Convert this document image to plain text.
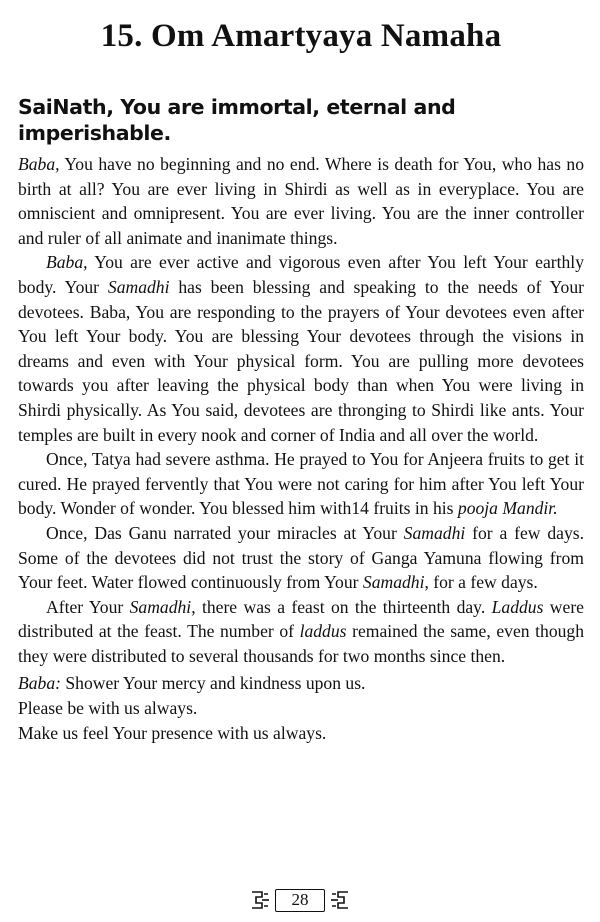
15. Om Amartyaya Namaha
SaiNath, You are immortal, eternal and imperishable.

Baba, You have no beginning and no end. Where is death for You, who has no birth at all? You are ever living in Shirdi as well as in everyplace. You are omniscient and omnipresent. You are ever living. You are the inner controller and ruler of all animate and inanimate things.

Baba, You are ever active and vigorous even after You left Your earthly body. Your Samadhi has been blessing and speaking to the needs of Your devotees. Baba, You are responding to the prayers of Your devotees even after You left Your body. You are blessing Your devotees through the visions in dreams and even with Your physical form. You are pulling more devotees towards you after leaving the physical body than when You were living in Shirdi physically. As You said, devotees are thronging to Shirdi like ants. Your temples are built in every nook and corner of India and all over the world.

Once, Tatya had severe asthma. He prayed to You for Anjeera fruits to get it cured. He prayed fervently that You were not caring for him after You left Your body. Wonder of wonder. You blessed him with14 fruits in his pooja Mandir.

Once, Das Ganu narrated your miracles at Your Samadhi for a few days. Some of the devotees did not trust the story of Ganga Yamuna flowing from Your feet. Water flowed continuously from Your Samadhi, for a few days.

After Your Samadhi, there was a feast on the thirteenth day. Laddus were distributed at the feast. The number of laddus remained the same, even though they were distributed to several thousands for two months since then.

Baba: Shower Your mercy and kindness upon us.

Please be with us always.

Make us feel Your presence with us always.

28
